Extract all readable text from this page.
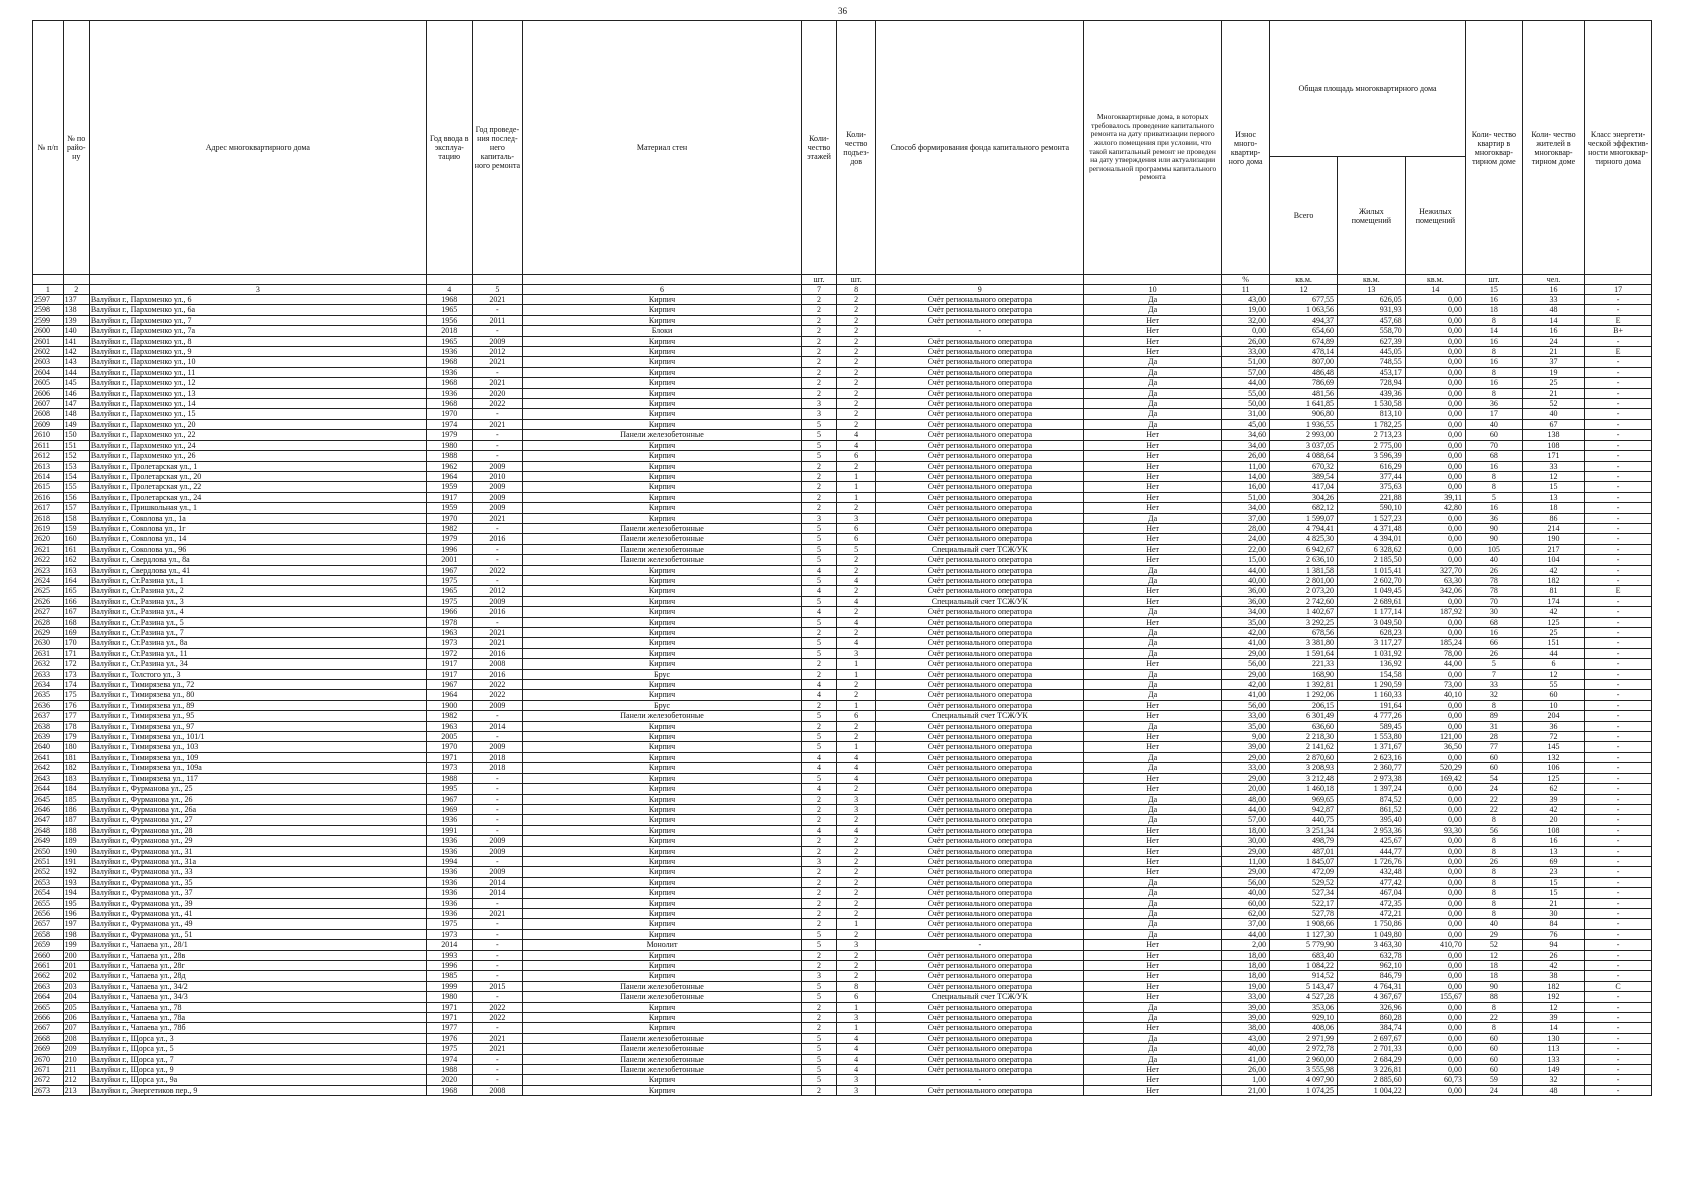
36
№ п/п	№ по райо- ну	Адрес многоквартирного дома	Год ввода в эксплуа- тацию	Год проведе- ния послед- него капиталь- ного ремонта	Материал стен	Коли- чество этажей	Коли- чество подъез- дов	Способ формирования фонда капитального ремонта	Многоквартирные дома, в которых требовалось проведение капитального ремонта на дату приватизации первого жилого помещения при условии, что такой капитальный ремонт не проведен на дату утверждения или актуализации региональной программы капитального ремонта	Износ много- квартир- ного дома	Общая площадь многоквартирного дома			Коли- чество квартир в многоквар- тирном доме	Коли- чество жителей в многоквар- тирном доме	Класс энергети- ческой эффектив- ности многоквар- тирного дома
											Всего	Жилых помещений	Нежилых помещений			
						шт.	шт.			%	кв.м.	кв.м.	кв.м.	шт.	чел.	
1	2	3	4	5	6	7	8	9	10	11	12	13	14	15	16	17
2597	137	Валуйки г., Пархоменко ул., 6	1968	2021	Кирпич	2	2	Счёт регионального оператора	Да	43,00	677,55	626,05	0,00	16	33	-
2598	138	Валуйки г., Пархоменко ул., 6а	1965	-	Кирпич	2	2	Счёт регионального оператора	Да	19,00	1 063,56	931,93	0,00	18	48	-
2599	139	Валуйки г., Пархоменко ул., 7	1956	2011	Кирпич	2	2	Счёт регионального оператора	Нет	32,00	494,37	457,68	0,00	8	14	Е
2600	140	Валуйки г., Пархоменко ул., 7а	2018	-	Блоки	2	2	-	Нет	0,00	654,60	558,70	0,00	14	16	В+
2601	141	Валуйки г., Пархоменко ул., 8	1965	2009	Кирпич	2	2	Счёт регионального оператора	Нет	26,00	674,89	627,39	0,00	16	24	-
2602	142	Валуйки г., Пархоменко ул., 9	1936	2012	Кирпич	2	2	Счёт регионального оператора	Нет	33,00	478,14	445,05	0,00	8	21	Е
2603	143	Валуйки г., Пархоменко ул., 10	1968	2021	Кирпич	2	2	Счёт регионального оператора	Да	51,00	807,00	748,55	0,00	16	37	-
2604	144	Валуйки г., Пархоменко ул., 11	1936	-	Кирпич	2	2	Счёт регионального оператора	Да	57,00	486,48	453,17	0,00	8	19	-
2605	145	Валуйки г., Пархоменко ул., 12	1968	2021	Кирпич	2	2	Счёт регионального оператора	Да	44,00	786,69	728,94	0,00	16	25	-
2606	146	Валуйки г., Пархоменко ул., 13	1936	2020	Кирпич	2	2	Счёт регионального оператора	Да	55,00	481,56	439,36	0,00	8	21	-
2607	147	Валуйки г., Пархоменко ул., 14	1968	2022	Кирпич	3	2	Счёт регионального оператора	Да	50,00	1 641,85	1 530,58	0,00	36	52	-
2608	148	Валуйки г., Пархоменко ул., 15	1970	-	Кирпич	3	2	Счёт регионального оператора	Да	31,00	906,80	813,10	0,00	17	40	-
2609	149	Валуйки г., Пархоменко ул., 20	1974	2021	Кирпич	5	2	Счёт регионального оператора	Да	45,00	1 936,55	1 782,25	0,00	40	67	-
2610	150	Валуйки г., Пархоменко ул., 22	1979	-	Панели железобетонные	5	4	Счёт регионального оператора	Нет	34,60	2 993,00	2 713,23	0,00	60	138	-
2611	151	Валуйки г., Пархоменко ул., 24	1980	-	Кирпич	5	4	Счёт регионального оператора	Нет	34,00	3 037,05	2 775,00	0,00	70	108	-
2612	152	Валуйки г., Пархоменко ул., 26	1988	-	Кирпич	5	6	Счёт регионального оператора	Нет	26,00	4 088,64	3 596,39	0,00	68	171	-
2613	153	Валуйки г., Пролетарская ул., 1	1962	2009	Кирпич	2	2	Счёт регионального оператора	Нет	11,00	670,32	616,29	0,00	16	33	-
2614	154	Валуйки г., Пролетарская ул., 20	1964	2010	Кирпич	2	1	Счёт регионального оператора	Нет	14,00	389,54	377,44	0,00	8	12	-
2615	155	Валуйки г., Пролетарская ул., 22	1959	2009	Кирпич	2	1	Счёт регионального оператора	Нет	16,00	417,04	375,63	0,00	8	15	-
2616	156	Валуйки г., Пролетарская ул., 24	1917	2009	Кирпич	2	1	Счёт регионального оператора	Нет	51,00	304,26	221,88	39,11	5	13	-
2617	157	Валуйки г., Пришкольная ул., 1	1959	2009	Кирпич	2	2	Счёт регионального оператора	Нет	34,00	682,12	590,10	42,80	16	18	-
2618	158	Валуйки г., Соколова ул., 1а	1970	2021	Кирпич	3	3	Счёт регионального оператора	Да	37,00	1 599,07	1 527,23	0,00	36	86	-
2619	159	Валуйки г., Соколова ул., 1г	1982	-	Панели железобетонные	5	6	Счёт регионального оператора	Нет	28,00	4 794,41	4 371,48	0,00	90	214	-
2620	160	Валуйки г., Соколова ул., 14	1979	2016	Панели железобетонные	5	6	Счёт регионального оператора	Нет	24,00	4 825,30	4 394,01	0,00	90	190	-
2621	161	Валуйки г., Соколова ул., 96	1996	-	Панели железобетонные	5	5	Специальный счет ТСЖ/УК	Нет	22,00	6 942,67	6 328,62	0,00	105	217	-
2622	162	Валуйки г., Свердлова ул., 8а	2001	-	Панели железобетонные	5	2	Счёт регионального оператора	Нет	15,00	2 636,10	2 185,50	0,00	40	104	-
2623	163	Валуйки г., Свердлова ул., 41	1967	2022	Кирпич	4	2	Счёт регионального оператора	Да	44,00	1 381,58	1 015,41	327,70	26	42	-
2624	164	Валуйки г., Ст.Разина ул., 1	1975	-	Кирпич	5	4	Счёт регионального оператора	Да	40,00	2 801,00	2 602,70	63,30	78	182	-
2625	165	Валуйки г., Ст.Разина ул., 2	1965	2012	Кирпич	4	2	Счёт регионального оператора	Нет	36,00	2 073,20	1 049,45	342,06	78	81	Е
2626	166	Валуйки г., Ст.Разина ул., 3	1975	2009	Кирпич	5	4	Специальный счет ТСЖ/УК	Нет	36,00	2 742,60	2 689,61	0,00	70	174	-
2627	167	Валуйки г., Ст.Разина ул., 4	1966	2016	Кирпич	4	2	Счёт регионального оператора	Да	34,00	1 402,67	1 177,14	187,92	30	42	-
2628	168	Валуйки г., Ст.Разина ул., 5	1978	-	Кирпич	5	4	Счёт регионального оператора	Нет	35,00	3 292,25	3 049,50	0,00	68	125	-
2629	169	Валуйки г., Ст.Разина ул., 7	1963	2021	Кирпич	2	2	Счёт регионального оператора	Да	42,00	678,56	628,23	0,00	16	25	-
2630	170	Валуйки г., Ст.Разина ул., 8а	1973	2021	Кирпич	5	4	Счёт регионального оператора	Да	41,00	3 381,80	3 117,27	185,24	66	151	-
2631	171	Валуйки г., Ст.Разина ул., 11	1972	2016	Кирпич	5	3	Счёт регионального оператора	Да	29,00	1 591,64	1 031,92	78,00	26	44	-
2632	172	Валуйки г., Ст.Разина ул., 34	1917	2008	Кирпич	2	1	Счёт регионального оператора	Нет	56,00	221,33	136,92	44,00	5	6	-
2633	173	Валуйки г., Толстого ул., 3	1917	2016	Брус	2	1	Счёт регионального оператора	Да	29,00	168,90	154,58	0,00	7	12	-
2634	174	Валуйки г., Тимирязева ул., 72	1967	2022	Кирпич	4	2	Счёт регионального оператора	Да	42,00	1 392,81	1 290,59	73,00	33	55	-
2635	175	Валуйки г., Тимирязева ул., 80	1964	2022	Кирпич	4	2	Счёт регионального оператора	Да	41,00	1 292,06	1 160,33	40,10	32	60	-
2636	176	Валуйки г., Тимирязева ул., 89	1900	2009	Брус	2	1	Счёт регионального оператора	Нет	56,00	206,15	191,64	0,00	8	10	-
2637	177	Валуйки г., Тимирязева ул., 95	1982	-	Панели железобетонные	5	6	Специальный счет ТСЖ/УК	Нет	33,00	6 301,49	4 777,26	0,00	89	204	-
2638	178	Валуйки г., Тимирязева ул., 97	1963	2014	Кирпич	2	2	Счёт регионального оператора	Да	35,00	636,60	589,45	0,00	31	36	-
2639	179	Валуйки г., Тимирязева ул., 101/1	2005	-	Кирпич	5	2	Счёт регионального оператора	Нет	9,00	2 218,30	1 553,80	121,00	28	72	-
2640	180	Валуйки г., Тимирязева ул., 103	1970	2009	Кирпич	5	1	Счёт регионального оператора	Нет	39,00	2 141,62	1 371,67	36,50	77	145	-
2641	181	Валуйки г., Тимирязева ул., 109	1971	2018	Кирпич	4	4	Счёт регионального оператора	Да	29,00	2 870,60	2 623,16	0,00	60	132	-
2642	182	Валуйки г., Тимирязева ул., 109а	1973	2018	Кирпич	4	4	Счёт регионального оператора	Да	33,00	3 208,93	2 360,77	520,29	60	106	-
2643	183	Валуйки г., Тимирязева ул., 117	1988	-	Кирпич	5	4	Счёт регионального оператора	Нет	29,00	3 212,48	2 973,38	169,42	54	125	-
2644	184	Валуйки г., Фурманова ул., 25	1995	-	Кирпич	4	2	Счёт регионального оператора	Нет	20,00	1 460,18	1 397,24	0,00	24	62	-
2645	185	Валуйки г., Фурманова ул., 26	1967	-	Кирпич	2	3	Счёт регионального оператора	Да	48,00	969,65	874,52	0,00	22	39	-
2646	186	Валуйки г., Фурманова ул., 26а	1969	-	Кирпич	2	3	Счёт регионального оператора	Да	44,00	942,87	861,52	0,00	22	42	-
2647	187	Валуйки г., Фурманова ул., 27	1936	-	Кирпич	2	2	Счёт регионального оператора	Да	57,00	440,75	395,40	0,00	8	20	-
2648	188	Валуйки г., Фурманова ул., 28	1991	-	Кирпич	4	4	Счёт регионального оператора	Нет	18,00	3 251,34	2 953,36	93,30	56	108	-
2649	189	Валуйки г., Фурманова ул., 29	1936	2009	Кирпич	2	2	Счёт регионального оператора	Нет	30,00	498,79	425,67	0,00	8	16	-
2650	190	Валуйки г., Фурманова ул., 31	1936	2009	Кирпич	2	2	Счёт регионального оператора	Нет	29,00	487,01	444,77	0,00	8	13	-
2651	191	Валуйки г., Фурманова ул., 31а	1994	-	Кирпич	3	2	Счёт регионального оператора	Нет	11,00	1 845,07	1 726,76	0,00	26	69	-
2652	192	Валуйки г., Фурманова ул., 33	1936	2009	Кирпич	2	2	Счёт регионального оператора	Нет	29,00	472,09	432,48	0,00	8	23	-
2653	193	Валуйки г., Фурманова ул., 35	1936	2014	Кирпич	2	2	Счёт регионального оператора	Да	56,00	529,52	477,42	0,00	8	15	-
2654	194	Валуйки г., Фурманова ул., 37	1936	2014	Кирпич	2	2	Счёт регионального оператора	Да	40,00	527,34	467,04	0,00	8	15	-
2655	195	Валуйки г., Фурманова ул., 39	1936	-	Кирпич	2	2	Счёт регионального оператора	Да	60,00	522,17	472,35	0,00	8	21	-
2656	196	Валуйки г., Фурманова ул., 41	1936	2021	Кирпич	2	2	Счёт регионального оператора	Да	62,00	527,78	472,21	0,00	8	30	-
2657	197	Валуйки г., Фурманова ул., 49	1975	-	Кирпич	2	1	Счёт регионального оператора	Да	37,00	1 908,66	1 750,86	0,00	40	84	-
2658	198	Валуйки г., Фурманова ул., 51	1973	-	Кирпич	5	2	Счёт регионального оператора	Да	44,00	1 127,30	1 049,80	0,00	29	76	-
2659	199	Валуйки г., Чапаева ул., 28/1	2014	-	Монолит	5	3	-	Нет	2,00	5 779,90	3 463,30	410,70	52	94	-
2660	200	Валуйки г., Чапаева ул., 28в	1993	-	Кирпич	2	2	Счёт регионального оператора	Нет	18,00	683,40	632,78	0,00	12	26	-
2661	201	Валуйки г., Чапаева ул., 28г	1996	-	Кирпич	2	2	Счёт регионального оператора	Нет	18,00	1 084,22	962,10	0,00	18	42	-
2662	202	Валуйки г., Чапаева ул., 28д	1985	-	Кирпич	3	2	Счёт регионального оператора	Нет	18,00	914,52	846,79	0,00	18	38	-
2663	203	Валуйки г., Чапаева ул., 34/2	1999	2015	Панели железобетонные	5	8	Счёт регионального оператора	Нет	19,00	5 143,47	4 764,31	0,00	90	182	С
2664	204	Валуйки г., Чапаева ул., 34/3	1980	-	Панели железобетонные	5	6	Специальный счет ТСЖ/УК	Нет	33,00	4 527,28	4 367,67	155,67	88	192	-
2665	205	Валуйки г., Чапаева ул., 78	1971	2022	Кирпич	2	1	Счёт регионального оператора	Да	39,00	353,06	326,96	0,00	8	12	-
2666	206	Валуйки г., Чапаева ул., 78а	1971	2022	Кирпич	2	3	Счёт регионального оператора	Да	39,00	929,10	860,28	0,00	22	39	-
2667	207	Валуйки г., Чапаева ул., 78б	1977	-	Кирпич	2	1	Счёт регионального оператора	Нет	38,00	408,06	384,74	0,00	8	14	-
2668	208	Валуйки г., Щорса ул., 3	1976	2021	Панели железобетонные	5	4	Счёт регионального оператора	Да	43,00	2 971,99	2 697,67	0,00	60	130	-
2669	209	Валуйки г., Щорса ул., 5	1975	2021	Панели железобетонные	5	4	Счёт регионального оператора	Да	40,00	2 972,78	2 701,33	0,00	60	113	-
2670	210	Валуйки г., Щорса ул., 7	1974	-	Панели железобетонные	5	4	Счёт регионального оператора	Да	41,00	2 960,00	2 684,29	0,00	60	133	-
2671	211	Валуйки г., Щорса ул., 9	1988	-	Панели железобетонные	5	4	Счёт регионального оператора	Нет	26,00	3 555,98	3 226,81	0,00	60	149	-
2672	212	Валуйки г., Щорса ул., 9а	2020	-	Кирпич	5	3	-	Нет	1,00	4 097,90	2 885,60	60,73	59	32	-
2673	213	Валуйки г., Энергетиков пер., 9	1968	2008	Кирпич	2	3	Счёт регионального оператора	Нет	21,00	1 074,25	1 004,22	0,00	24	48	-
